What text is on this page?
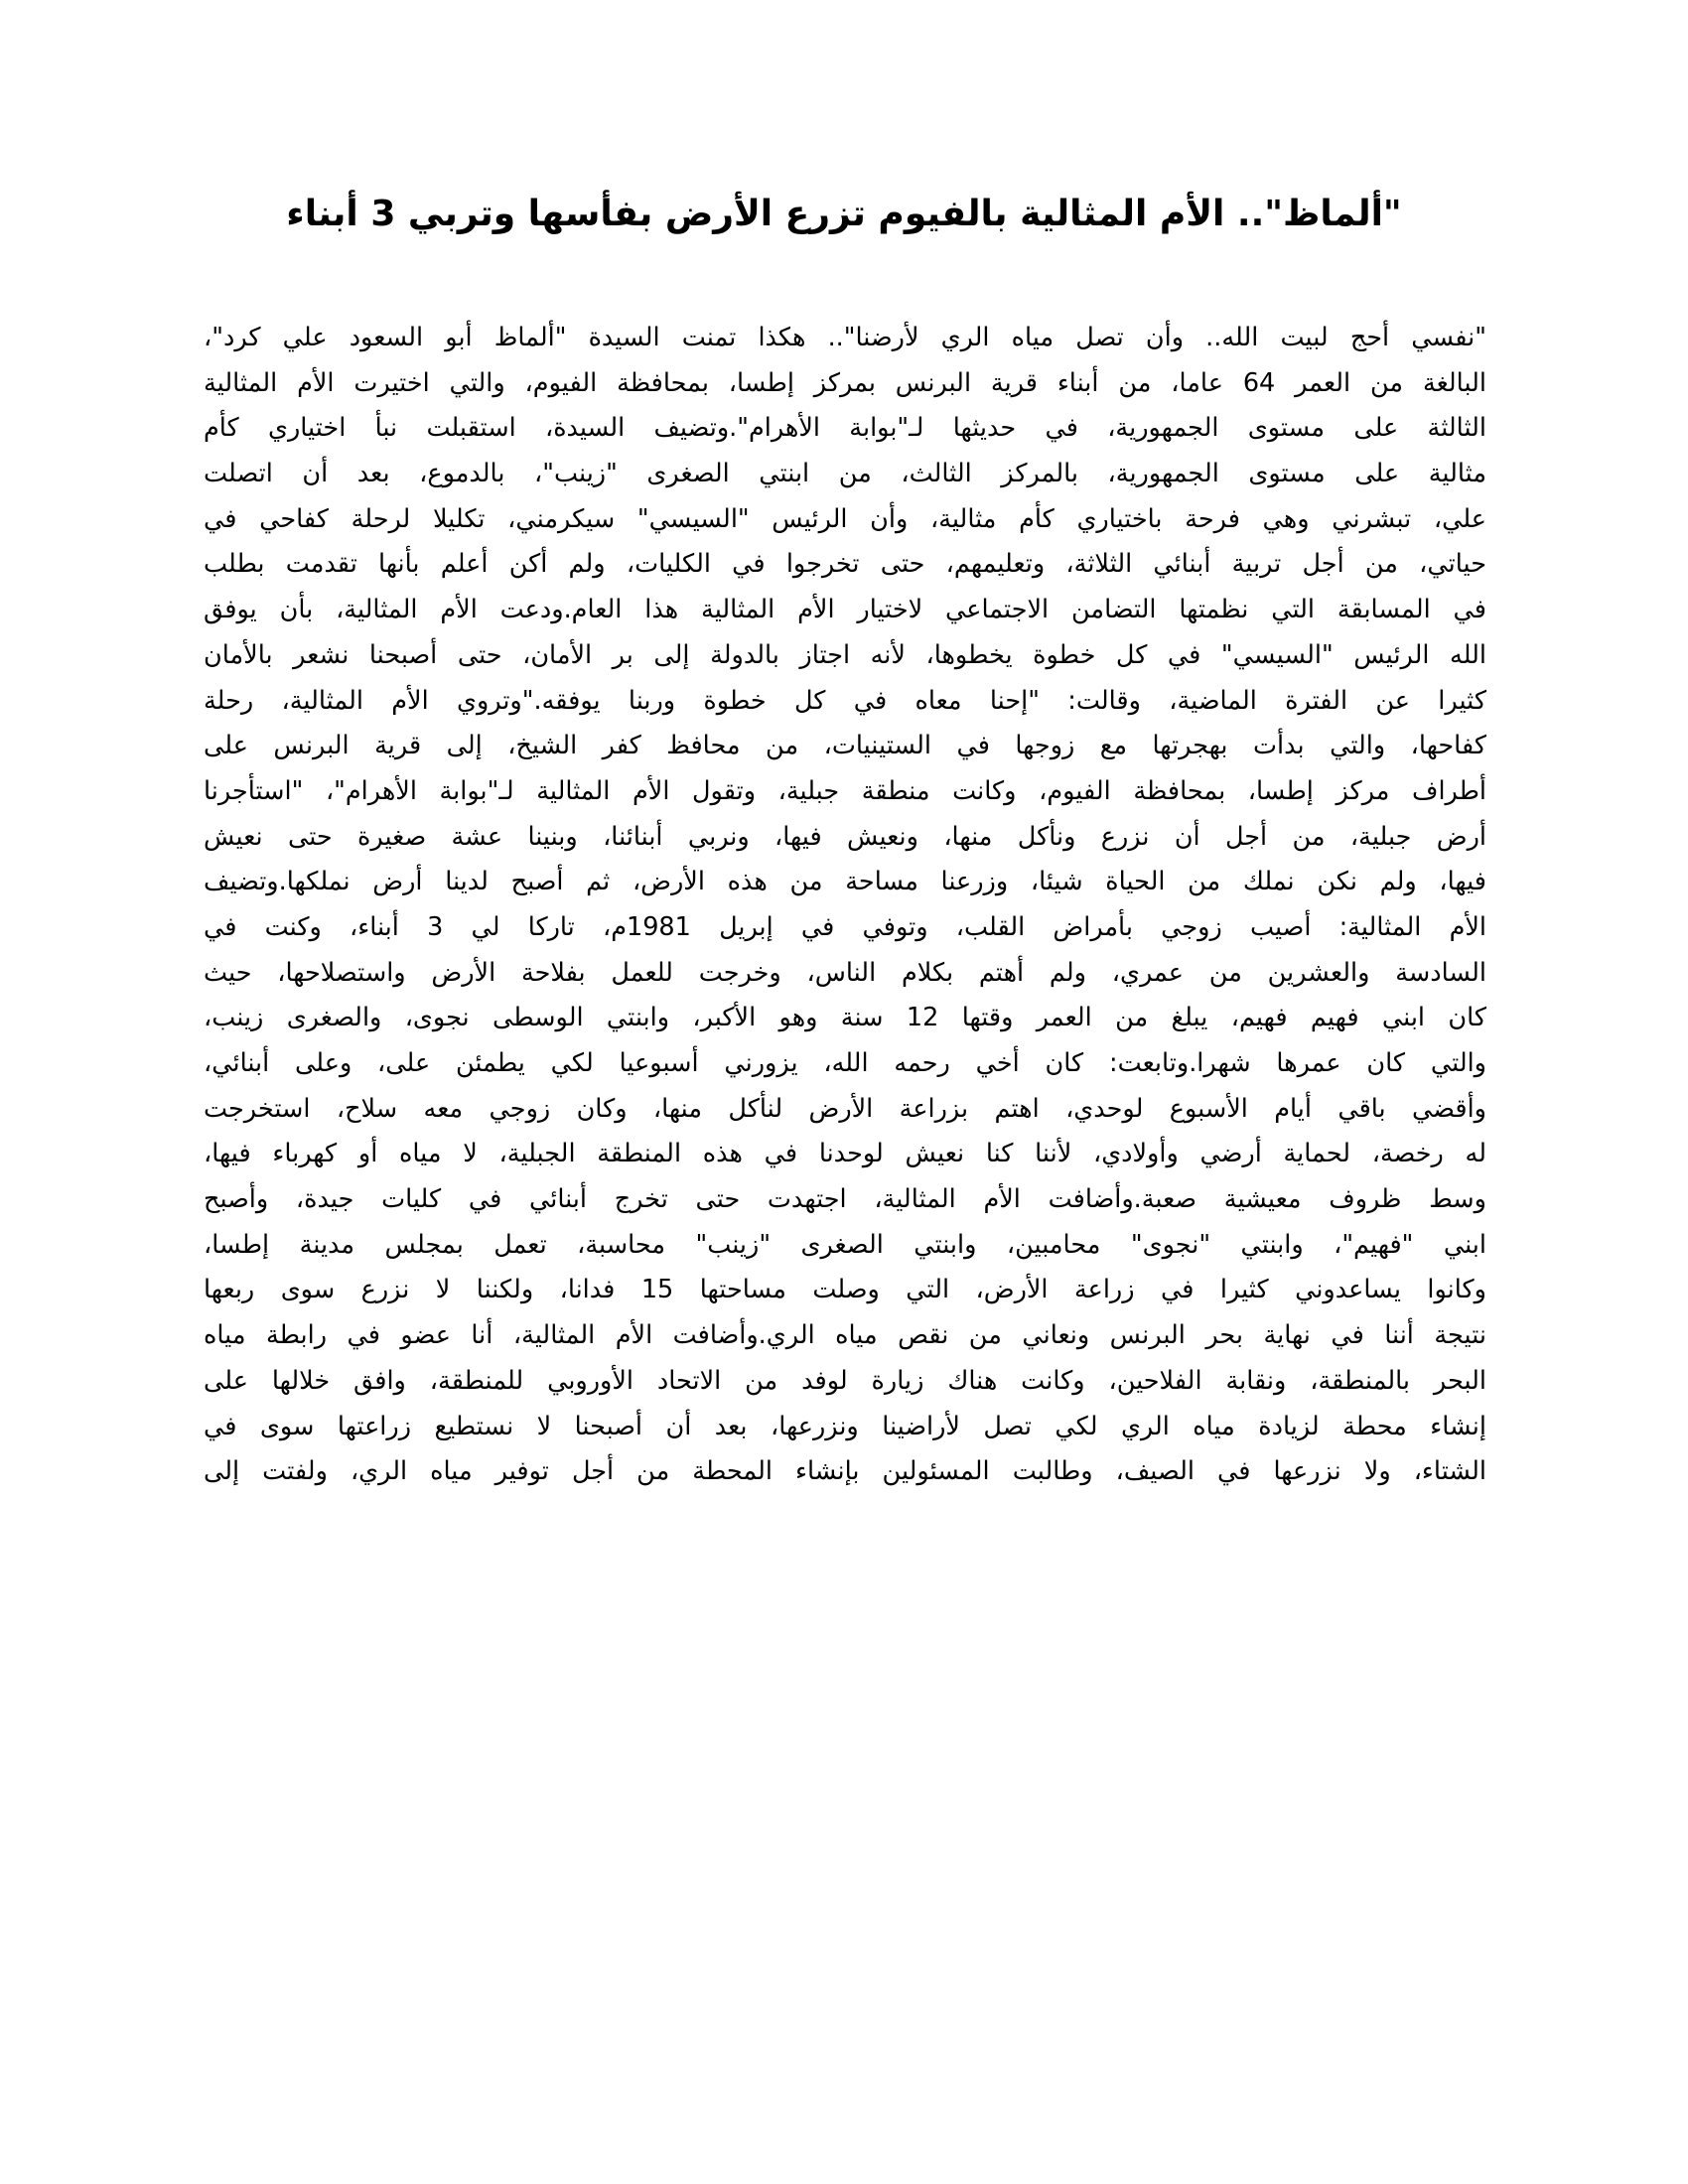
"ألماظ".. الأم المثالية بالفيوم تزرع الأرض بفأسها وتربي 3 أبناء
"نفسي أحج لبيت الله.. وأن تصل مياه الري لأرضنا".. هكذا تمنت السيدة "ألماظ أبو السعود علي كرد"،
البالغة من العمر 64 عاما، من أبناء قرية البرنس بمركز إطسا، بمحافظة الفيوم، والتي اختيرت الأم المثالية
الثالثة على مستوى الجمهورية، في حديثها لـ"بوابة الأهرام".وتضيف السيدة، استقبلت نبأ اختياري كأم
مثالية على مستوى الجمهورية، بالمركز الثالث، من ابنتي الصغرى "زينب"، بالدموع، بعد أن اتصلت
علي، تبشرني وهي فرحة باختياري كأم مثالية، وأن الرئيس "السيسي" سيكرمني، تكليلا لرحلة كفاحي في
حياتي، من أجل تربية أبنائي الثلاثة، وتعليمهم، حتى تخرجوا في الكليات، ولم أكن أعلم بأنها تقدمت بطلب
في المسابقة التي نظمتها التضامن الاجتماعي لاختيار الأم المثالية هذا العام.ودعت الأم المثالية، بأن يوفق
الله الرئيس "السيسي" في كل خطوة يخطوها، لأنه اجتاز بالدولة إلى بر الأمان، حتى أصبحنا نشعر بالأمان
كثيرا عن الفترة الماضية، وقالت: "إحنا معاه في كل خطوة وربنا يوفقه."وتروي الأم المثالية، رحلة
كفاحها، والتي بدأت بهجرتها مع زوجها في الستينيات، من محافظ كفر الشيخ، إلى قرية البرنس على
أطراف مركز إطسا، بمحافظة الفيوم، وكانت منطقة جبلية، وتقول الأم المثالية لـ"بوابة الأهرام"، "استأجرنا
أرض جبلية، من أجل أن نزرع ونأكل منها، ونعيش فيها، ونربي أبنائنا، وبنينا عشة صغيرة حتى نعيش
فيها، ولم نكن نملك من الحياة شيئا، وزرعنا مساحة من هذه الأرض، ثم أصبح لدينا أرض نملكها.وتضيف
الأم المثالية: أصيب زوجي بأمراض القلب، وتوفي في إبريل 1981م، تاركا لي 3 أبناء، وكنت في
السادسة والعشرين من عمري، ولم أهتم بكلام الناس، وخرجت للعمل بفلاحة الأرض واستصلاحها، حيث
كان ابني فهيم فهيم، يبلغ من العمر وقتها 12 سنة وهو الأكبر، وابنتي الوسطى نجوى، والصغرى زينب،
والتي كان عمرها شهرا.وتابعت: كان أخي رحمه الله، يزورني أسبوعيا لكي يطمئن على، وعلى أبنائي،
وأقضي باقي أيام الأسبوع لوحدي، اهتم بزراعة الأرض لنأكل منها، وكان زوجي معه سلاح، استخرجت
له رخصة، لحماية أرضي وأولادي، لأننا كنا نعيش لوحدنا في هذه المنطقة الجبلية، لا مياه أو كهرباء فيها،
وسط ظروف معيشية صعبة.وأضافت الأم المثالية، اجتهدت حتى تخرج أبنائي في كليات جيدة، وأصبح
ابني "فهيم"، وابنتي "نجوى" محامبين، وابنتي الصغرى "زينب" محاسبة، تعمل بمجلس مدينة إطسا،
وكانوا يساعدوني كثيرا في زراعة الأرض، التي وصلت مساحتها 15 فدانا، ولكننا لا نزرع سوى ربعها
نتيجة أننا في نهاية بحر البرنس ونعاني من نقص مياه الري.وأضافت الأم المثالية، أنا عضو في رابطة مياه
البحر بالمنطقة، ونقابة الفلاحين، وكانت هناك زيارة لوفد من الاتحاد الأوروبي للمنطقة، وافق خلالها على
إنشاء محطة لزيادة مياه الري لكي تصل لأراضينا ونزرعها، بعد أن أصبحنا لا نستطيع زراعتها سوى في
الشتاء، ولا نزرعها في الصيف، وطالبت المسئولين بإنشاء المحطة من أجل توفير مياه الري، ولفتت إلى
